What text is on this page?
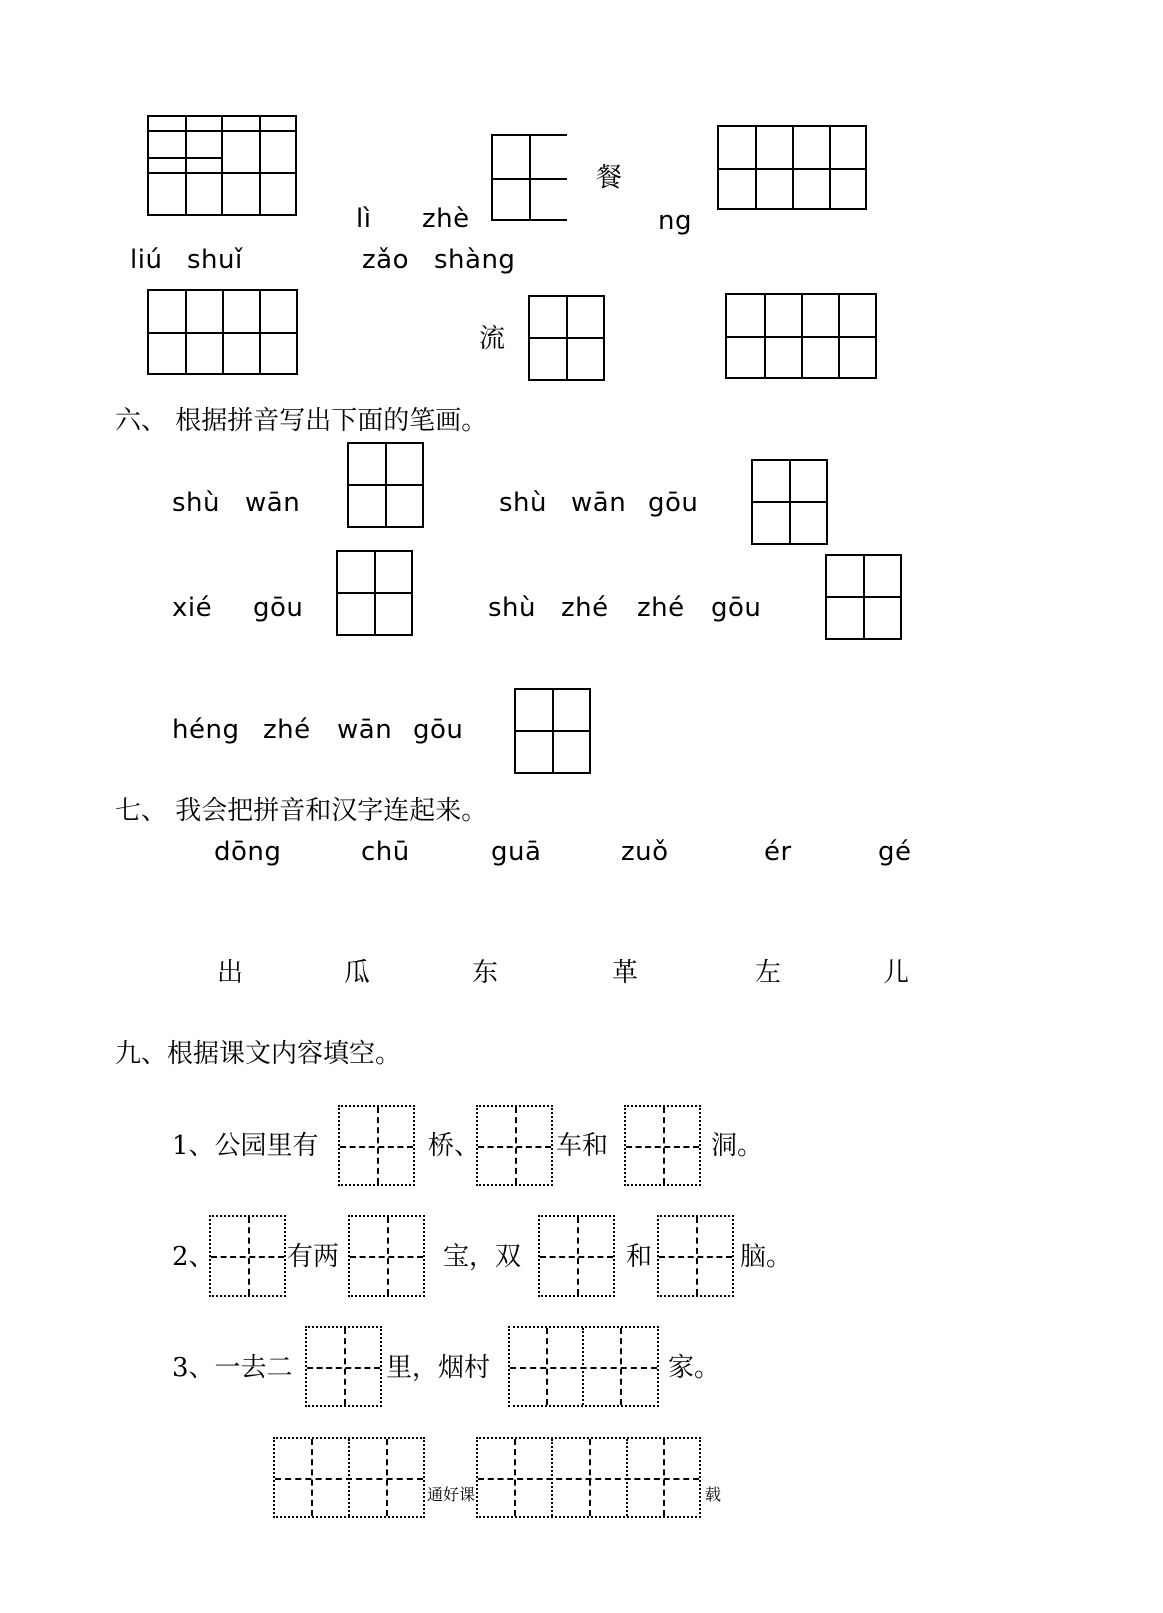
lì zhè
餐
ng
liú shuǐ	zǎo shàng
流
六、 根据拼音写出下面的笔画。
shù wān	shù wān gōu
xié gōu	shù zhé zhé gōu
héng zhé wān gōu
七、 我会把拼音和汉字连起来。
dōng	chū	guā	zuǒ	ér	gé
出	瓜	东	革	左	儿
九、根据课文内容填空。
1、公园里有	桥、	车和	洞。
2、	有两	宝，双	和	脑。
3、一去二	里，烟村	家。
通好课	载
